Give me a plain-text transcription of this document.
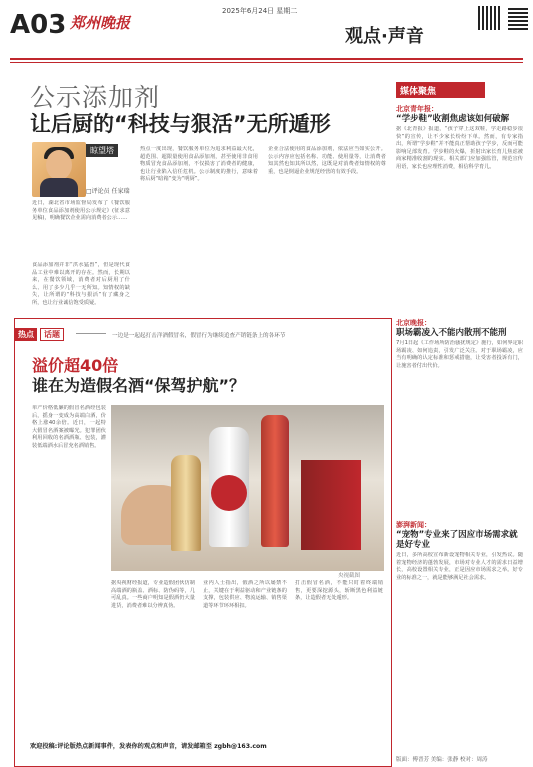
A03 郑州晚报
2025年6月24日 星期二
观点·声音
公示添加剂
让后厨的“科技与狠活”无所遁形
晾望塔
□评论员 任家瑞
近日，湖北省市场监督局发布了《餐饮服务单位食品添加剂使用公示规定》(征求意见稿)，明确餐饮企业需向消费者公示……
食品添加剂并非“洪水猛兽”，但是现代食品工业中难以离开的存在。然而，长期以来，在餐饮领域，消费者对后厨用了什么、用了多少几乎一无所知。知情权的缺失，让所谓的“科技与狠活”有了藏身之所，也让行业诚信饱受质疑。
热点一度出现，餐饮服务单位为追求利益最大化，超范围、超限量使用食品添加剂，甚至使用非食用物质冒充食品添加剂，不仅损害了消费者的健康，也让行业陷入信任危机。公示制度的推行，意味着将后厨“暗箱”变为“明厨”。
企业合法使用的食品添加剂，依法应当如实公开。公示内容应包括名称、功能、使用量等，让消费者知其然也知其所以然，这既是对消费者知情权的尊重，也是倒逼企业规范经营的有效手段。
媒体聚焦
北京青年报：
“学步鞋”收割焦虑该如何破解
据《北青报》报道，“孩子穿上这双鞋，学走路稳步很快”的宣传，让不少家长纷纷下单。然而，有专家指出，所谓“学步鞋”并不能真正帮助孩子学步，反而可能影响足部发育。学步鞋的火爆，折射出家长育儿焦虑被商家精准收割的现实。相关部门应加强监管，规范宣传用语，家长也应理性消费，相信科学育儿。
北京晚报：
职场霸凌入不能内散刑不能刑
7月1日起《工作场所防治骚扰规定》施行，如何界定职场霸凌、如何追责，引发广泛关注。对于职场霸凌，应当有明确的认定标准和惩戒措施，让受害者投诉有门，让施害者付出代价。
澎湃新闻：
“宠物”专业来了因应市场需求就是好专业
近日，多所高校宣布新设宠物相关专业，引发热议。随着宠物经济的蓬勃发展，市场对专业人才的需求日益增长，高校设置相关专业，正是因应市场需求之举。好专业的标准之一，就是能够满足社会需求。
版面：傅晋芳 美编：张静 校对：周涛
热点	话题	一边是一起起打击洋酒假冒名，假冒行为继续追查产销链条上的各环节
溢价超40倍
谁在为造假名酒“保驾护航”？
单产价格低廉的假冒名酒经包装后，摇身一变成为高端白酒，价格上涨40余倍。近日，一起特大假冒名酒案被曝光。犯罪团伙利用回收的名酒酒瓶、包装，灌装低端酒水后冒充名酒销售。
央视截图
据央视财经报道，专业造假团伙仿制高端酒的瓶盖、酒标、防伪码等，几可乱真。一些商户明知是假酒仍大量进货，消费者难以分辨真伪。
业内人士指出，假酒之所以屡禁不止，关键在于利益驱动和产业链条的支撑，包装供应、物流运输、销售渠道等环节环环相扣。
打击假冒名酒，不能只盯着终端销售，更要深挖源头，斩断黑色利益链条，让造假者无处遁形。
欢迎投稿:评论版热点新闻事件，发表你的观点和声音，请发邮箱至 zgbh@163.com
